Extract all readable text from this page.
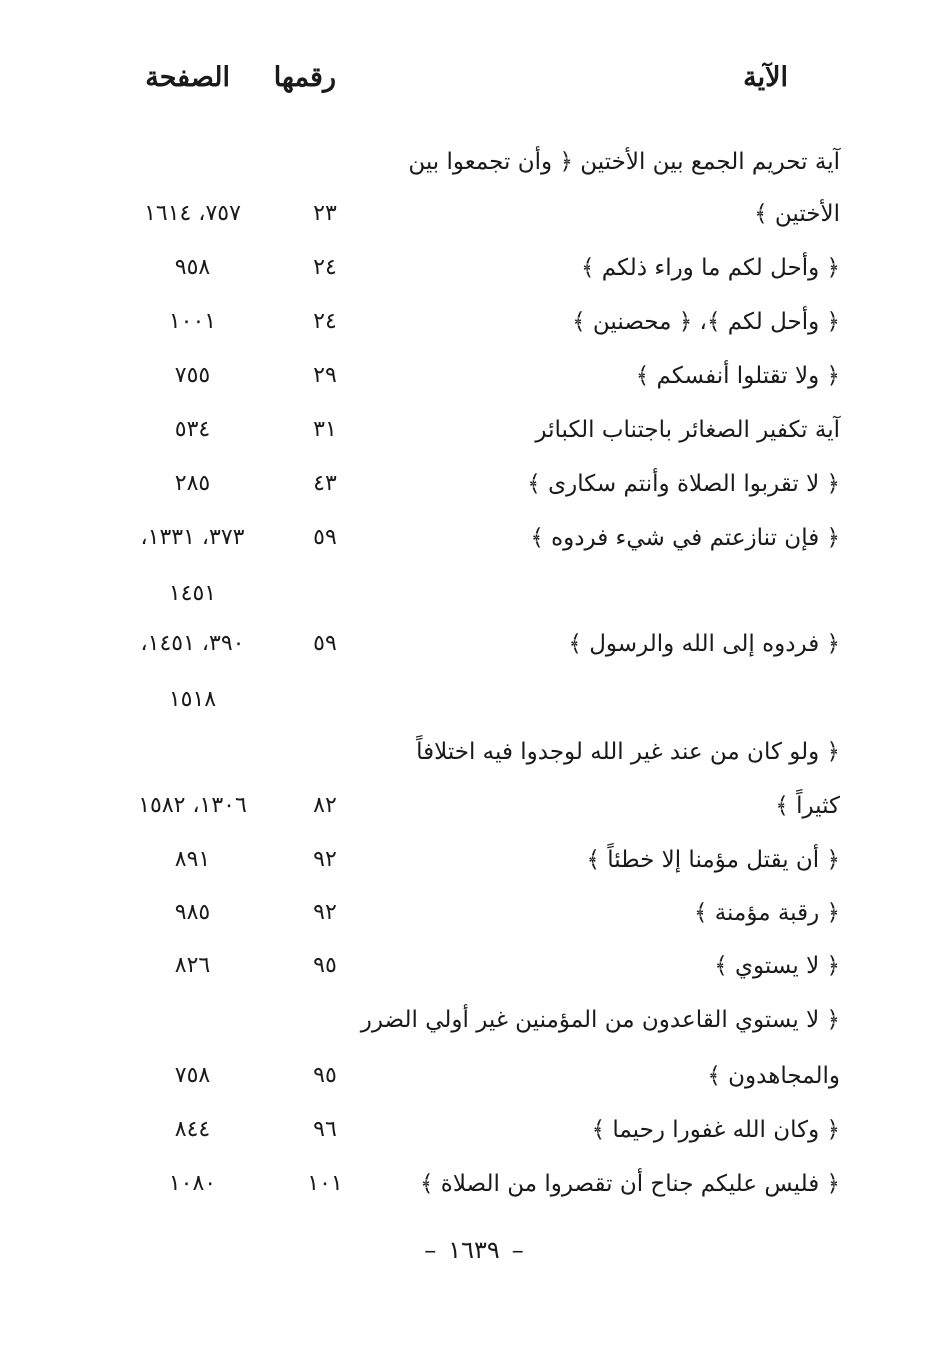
الآية
رقمها
الصفحة
آية تحريم الجمع بين الأختين ﴿ وأن تجمعوا بين
الأختين ﴾
٢٣
٧٥٧، ١٦١٤
﴿ وأحل لكم ما وراء ذلكم ﴾
٢٤
٩٥٨
﴿ وأحل لكم ﴾، ﴿ محصنين ﴾
٢٤
١٠٠١
﴿ ولا تقتلوا أنفسكم ﴾
٢٩
٧٥٥
آية تكفير الصغائر باجتناب الكبائر
٣١
٥٣٤
﴿ لا تقربوا الصلاة وأنتم سكارى ﴾
٤٣
٢٨٥
﴿ فإن تنازعتم في شيء فردوه ﴾
٥٩
٣٧٣، ١٣٣١،
١٤٥١
﴿ فردوه إلى الله والرسول ﴾
٥٩
٣٩٠، ١٤٥١،
١٥١٨
﴿ ولو كان من عند غير الله لوجدوا فيه اختلافاً
كثيراً ﴾
٨٢
١٣٠٦، ١٥٨٢
﴿ أن يقتل مؤمنا إلا خطئاً ﴾
٩٢
٨٩١
﴿ رقبة مؤمنة ﴾
٩٢
٩٨٥
﴿ لا يستوي ﴾
٩٥
٨٢٦
﴿ لا يستوي القاعدون من المؤمنين غير أولي الضرر
والمجاهدون ﴾
٩٥
٧٥٨
﴿ وكان الله غفورا رحيما ﴾
٩٦
٨٤٤
﴿ فليس عليكم جناح أن تقصروا من الصلاة ﴾
١٠١
١٠٨٠
–١٦٣٩–
